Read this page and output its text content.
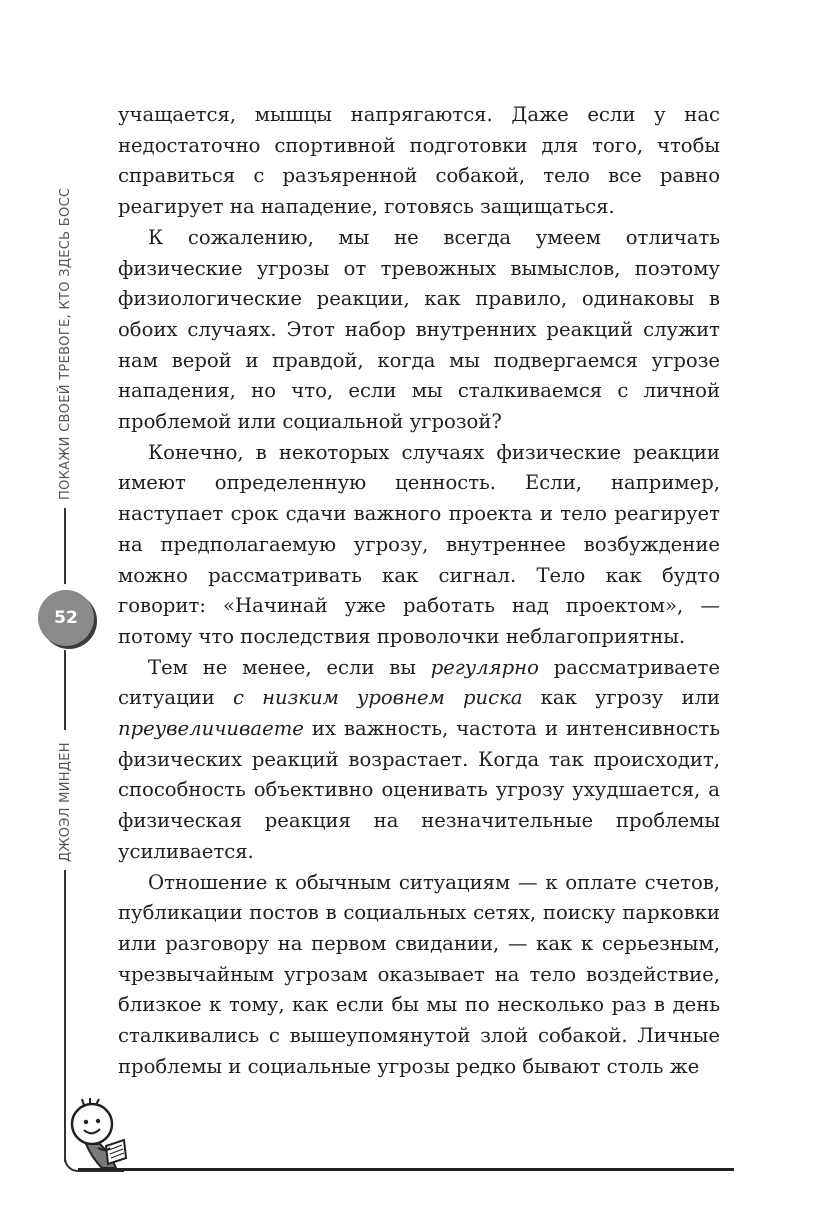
ПОКАЖИ СВОЕЙ ТРЕВОГЕ, КТО ЗДЕСЬ БОСС
52
ДЖОЭЛ МИНДЕН

учащается, мышцы напрягаются. Даже если у нас недостаточно спортивной подготовки для того, чтобы справиться с разъяренной собакой, тело все равно реагирует на нападение, готовясь защищаться.

К сожалению, мы не всегда умеем отличать физические угрозы от тревожных вымыслов, поэтому физиологические реакции, как правило, одинаковы в обоих случаях. Этот набор внутренних реакций служит нам верой и правдой, когда мы подвергаемся угрозе нападения, но что, если мы сталкиваемся с личной проблемой или социальной угрозой?

Конечно, в некоторых случаях физические реакции имеют определенную ценность. Если, например, наступает срок сдачи важного проекта и тело реагирует на предполагаемую угрозу, внутреннее возбуждение можно рассматривать как сигнал. Тело как будто говорит: «Начинай уже работать над проектом», — потому что последствия проволочки неблагоприятны.

Тем не менее, если вы регулярно рассматриваете ситуации с низким уровнем риска как угрозу или преувеличиваете их важность, частота и интенсивность физических реакций возрастает. Когда так происходит, способность объективно оценивать угрозу ухудшается, а физическая реакция на незначительные проблемы усиливается.

Отношение к обычным ситуациям — к оплате счетов, публикации постов в социальных сетях, поиску парковки или разговору на первом свидании, — как к серьезным, чрезвычайным угрозам оказывает на тело воздействие, близкое к тому, как если бы мы по несколько раз в день сталкивались с вышеупомянутой злой собакой. Личные проблемы и социальные угрозы редко бывают столь же
